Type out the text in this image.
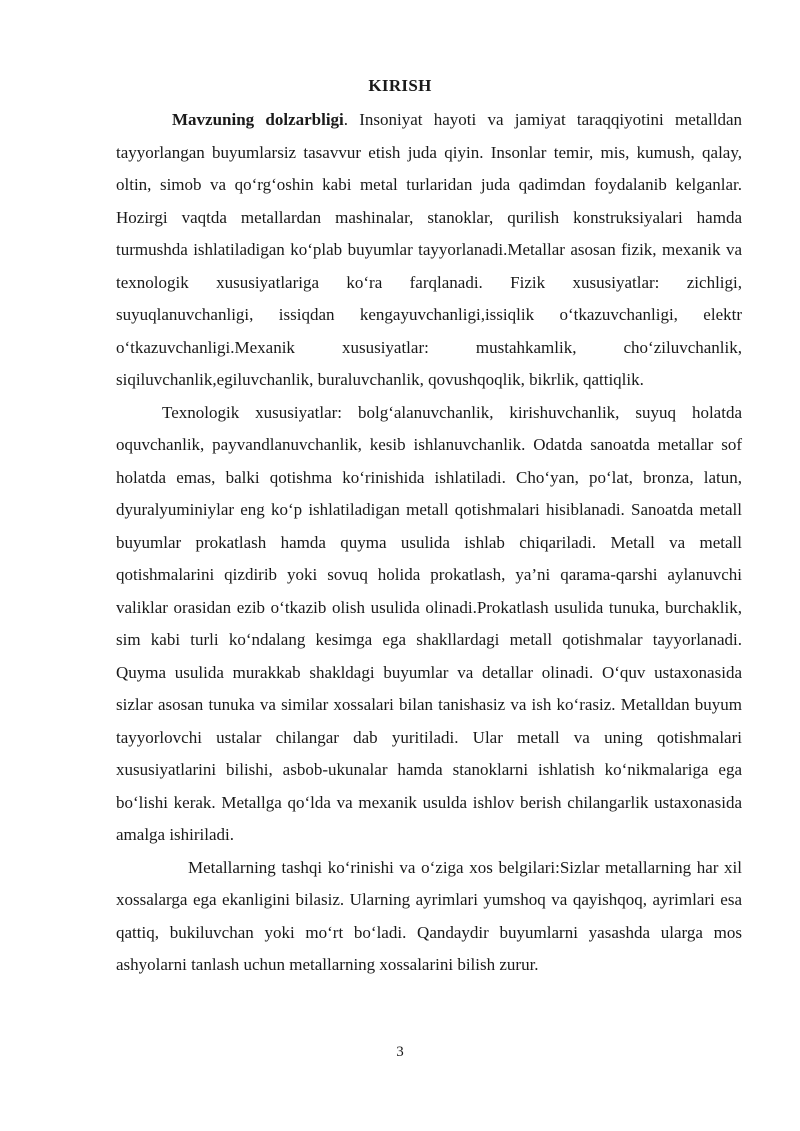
KIRISH

Mavzuning dolzarbligi. Insoniyat hayoti va jamiyat taraqqiyotini metalldan tayyorlangan buyumlarsiz tasavvur etish juda qiyin. Insonlar temir, mis, kumush, qalay, oltin, simob va qo‘rg‘oshin kabi metal turlaridan juda qadimdan foydalanib kelganlar. Hozirgi vaqtda metallardan mashinalar, stanoklar, qurilish konstruksiyalari hamda turmushda ishlatiladigan ko‘plab buyumlar tayyorlanadi.Metallar asosan fizik, mexanik va texnologik xususiyatlariga ko‘ra farqlanadi. Fizik xususiyatlar: zichligi, suyuqlanuvchanligi, issiqdan kengayuvchanligi,issiqlik o‘tkazuvchanligi, elektr o‘tkazuvchanligi.Mexanik xususiyatlar: mustahkamlik, cho‘ziluvchanlik, siqiluvchanlik,egiluvchanlik, buraluvchanlik, qovushqoqlik, bikrlik, qattiqlik.

Texnologik xususiyatlar: bolg‘alanuvchanlik, kirishuvchanlik, suyuq holatda oquvchanlik, payvandlanuvchanlik, kesib ishlanuvchanlik. Odatda sanoatda metallar sof holatda emas, balki qotishma ko‘rinishida ishlatiladi. Cho‘yan, po‘lat, bronza, latun, dyuralyuminiylar eng ko‘p ishlatiladigan metall qotishmalari hisiblanadi. Sanoatda metall buyumlar prokatlash hamda quyma usulida ishlab chiqariladi. Metall va metall qotishmalarini qizdirib yoki sovuq holida prokatlash, ya’ni qarama-qarshi aylanuvchi valiklar orasidan ezib o‘tkazib olish usulida olinadi.Prokatlash usulida tunuka, burchaklik, sim kabi turli ko‘ndalang kesimga ega shakllardagi metall qotishmalar tayyorlanadi. Quyma usulida murakkab shakldagi buyumlar va detallar olinadi. O‘quv ustaxonasida sizlar asosan tunuka va similar xossalari bilan tanishasiz va ish ko‘rasiz. Metalldan buyum tayyorlovchi ustalar chilangar dab yuritiladi. Ular metall va uning qotishmalari xususiyatlarini bilishi, asbob-ukunalar hamda stanoklarni ishlatish ko‘nikmalariga ega bo‘lishi kerak. Metallga qo‘lda va mexanik usulda ishlov berish chilangarlik ustaxonasida amalga ishiriladi.

Metallarning tashqi ko‘rinishi va o‘ziga xos belgilari:Sizlar metallarning har xil xossalarga ega ekanligini bilasiz. Ularning ayrimlari yumshoq va qayishqoq, ayrimlari esa qattiq, bukiluvchan yoki mo‘rt bo‘ladi. Qandaydir buyumlarni yasashda ularga mos ashyolarni tanlash uchun metallarning xossalarini bilish zurur.

3
